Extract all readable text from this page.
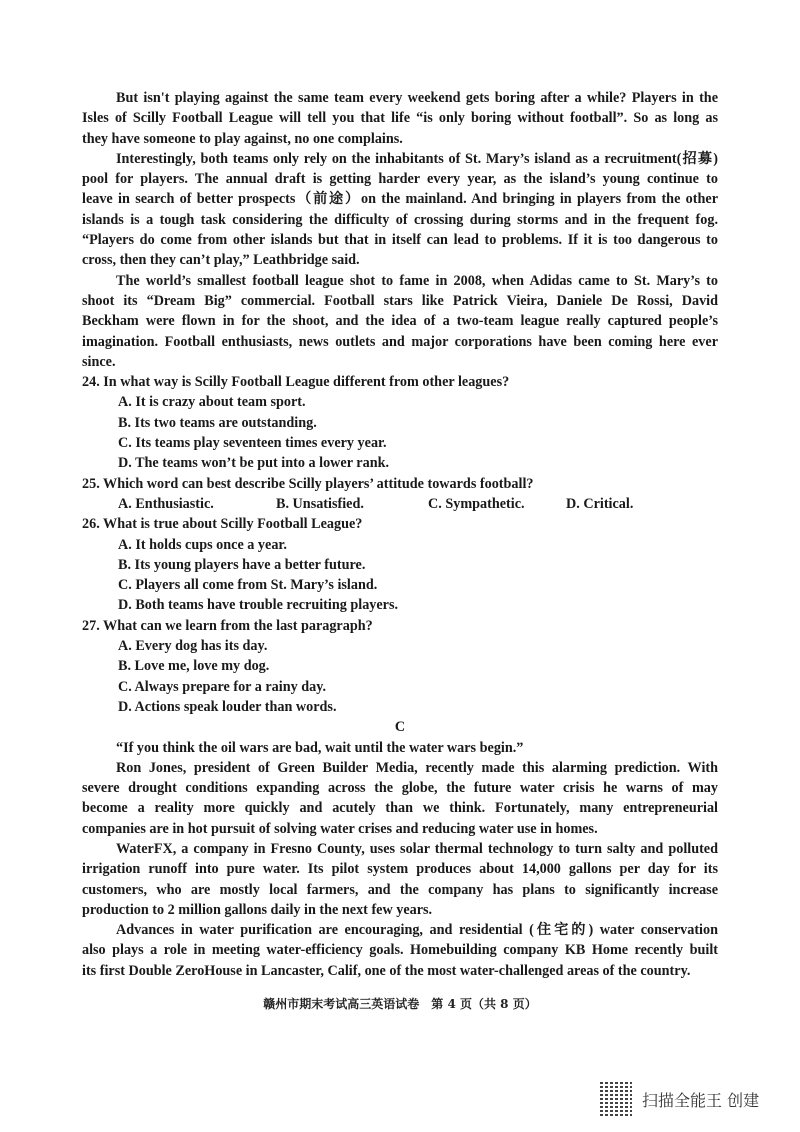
But isn't playing against the same team every weekend gets boring after a while? Players in the
Isles of Scilly Football League will tell you that life “is only boring without football”. So as long as
they have someone to play against, no one complains.
Interestingly, both teams only rely on the inhabitants of St. Mary’s island as a recruitment(招募)
pool for players. The annual draft is getting harder every year, as the island’s young continue to
leave in search of better prospects（前途）on the mainland. And bringing in players from the other
islands is a tough task considering the difficulty of crossing during storms and in the frequent fog.
“Players do come from other islands but that in itself can lead to problems. If it is too dangerous to
cross, then they can’t play,” Leathbridge said.
The world’s smallest football league shot to fame in 2008, when Adidas came to St. Mary’s to
shoot its “Dream Big” commercial. Football stars like Patrick Vieira, Daniele De Rossi, David
Beckham were flown in for the shoot, and the idea of a two-team league really captured people’s
imagination. Football enthusiasts, news outlets and major corporations have been coming here ever
since.
24. In what way is Scilly Football League different from other leagues?
A. It is crazy about team sport.
B. Its two teams are outstanding.
C. Its teams play seventeen times every year.
D. The teams won’t be put into a lower rank.
25. Which word can best describe Scilly players’ attitude towards football?
A. Enthusiastic.	B. Unsatisfied.	C. Sympathetic.	D. Critical.
26. What is true about Scilly Football League?
A. It holds cups once a year.
B. Its young players have a better future.
C. Players all come from St. Mary’s island.
D. Both teams have trouble recruiting players.
27. What can we learn from the last paragraph?
A. Every dog has its day.
B. Love me, love my dog.
C. Always prepare for a rainy day.
D. Actions speak louder than words.
C
“If you think the oil wars are bad, wait until the water wars begin.”
Ron Jones, president of Green Builder Media, recently made this alarming prediction. With
severe drought conditions expanding across the globe, the future water crisis he warns of may
become a reality more quickly and acutely than we think. Fortunately, many entrepreneurial
companies are in hot pursuit of solving water crises and reducing water use in homes.
WaterFX, a company in Fresno County, uses solar thermal technology to turn salty and polluted
irrigation runoff into pure water. Its pilot system produces about 14,000 gallons per day for its
customers, who are mostly local farmers, and the company has plans to significantly increase
production to 2 million gallons daily in the next few years.
Advances in water purification are encouraging, and residential (住宅的) water conservation
also plays a role in meeting water-efficiency goals. Homebuilding company KB Home recently built
its first Double ZeroHouse in Lancaster, Calif, one of the most water-challenged areas of the country.
赣州市期末考试高三英语试卷　第 4 页（共 8 页）
扫描全能王 创建
